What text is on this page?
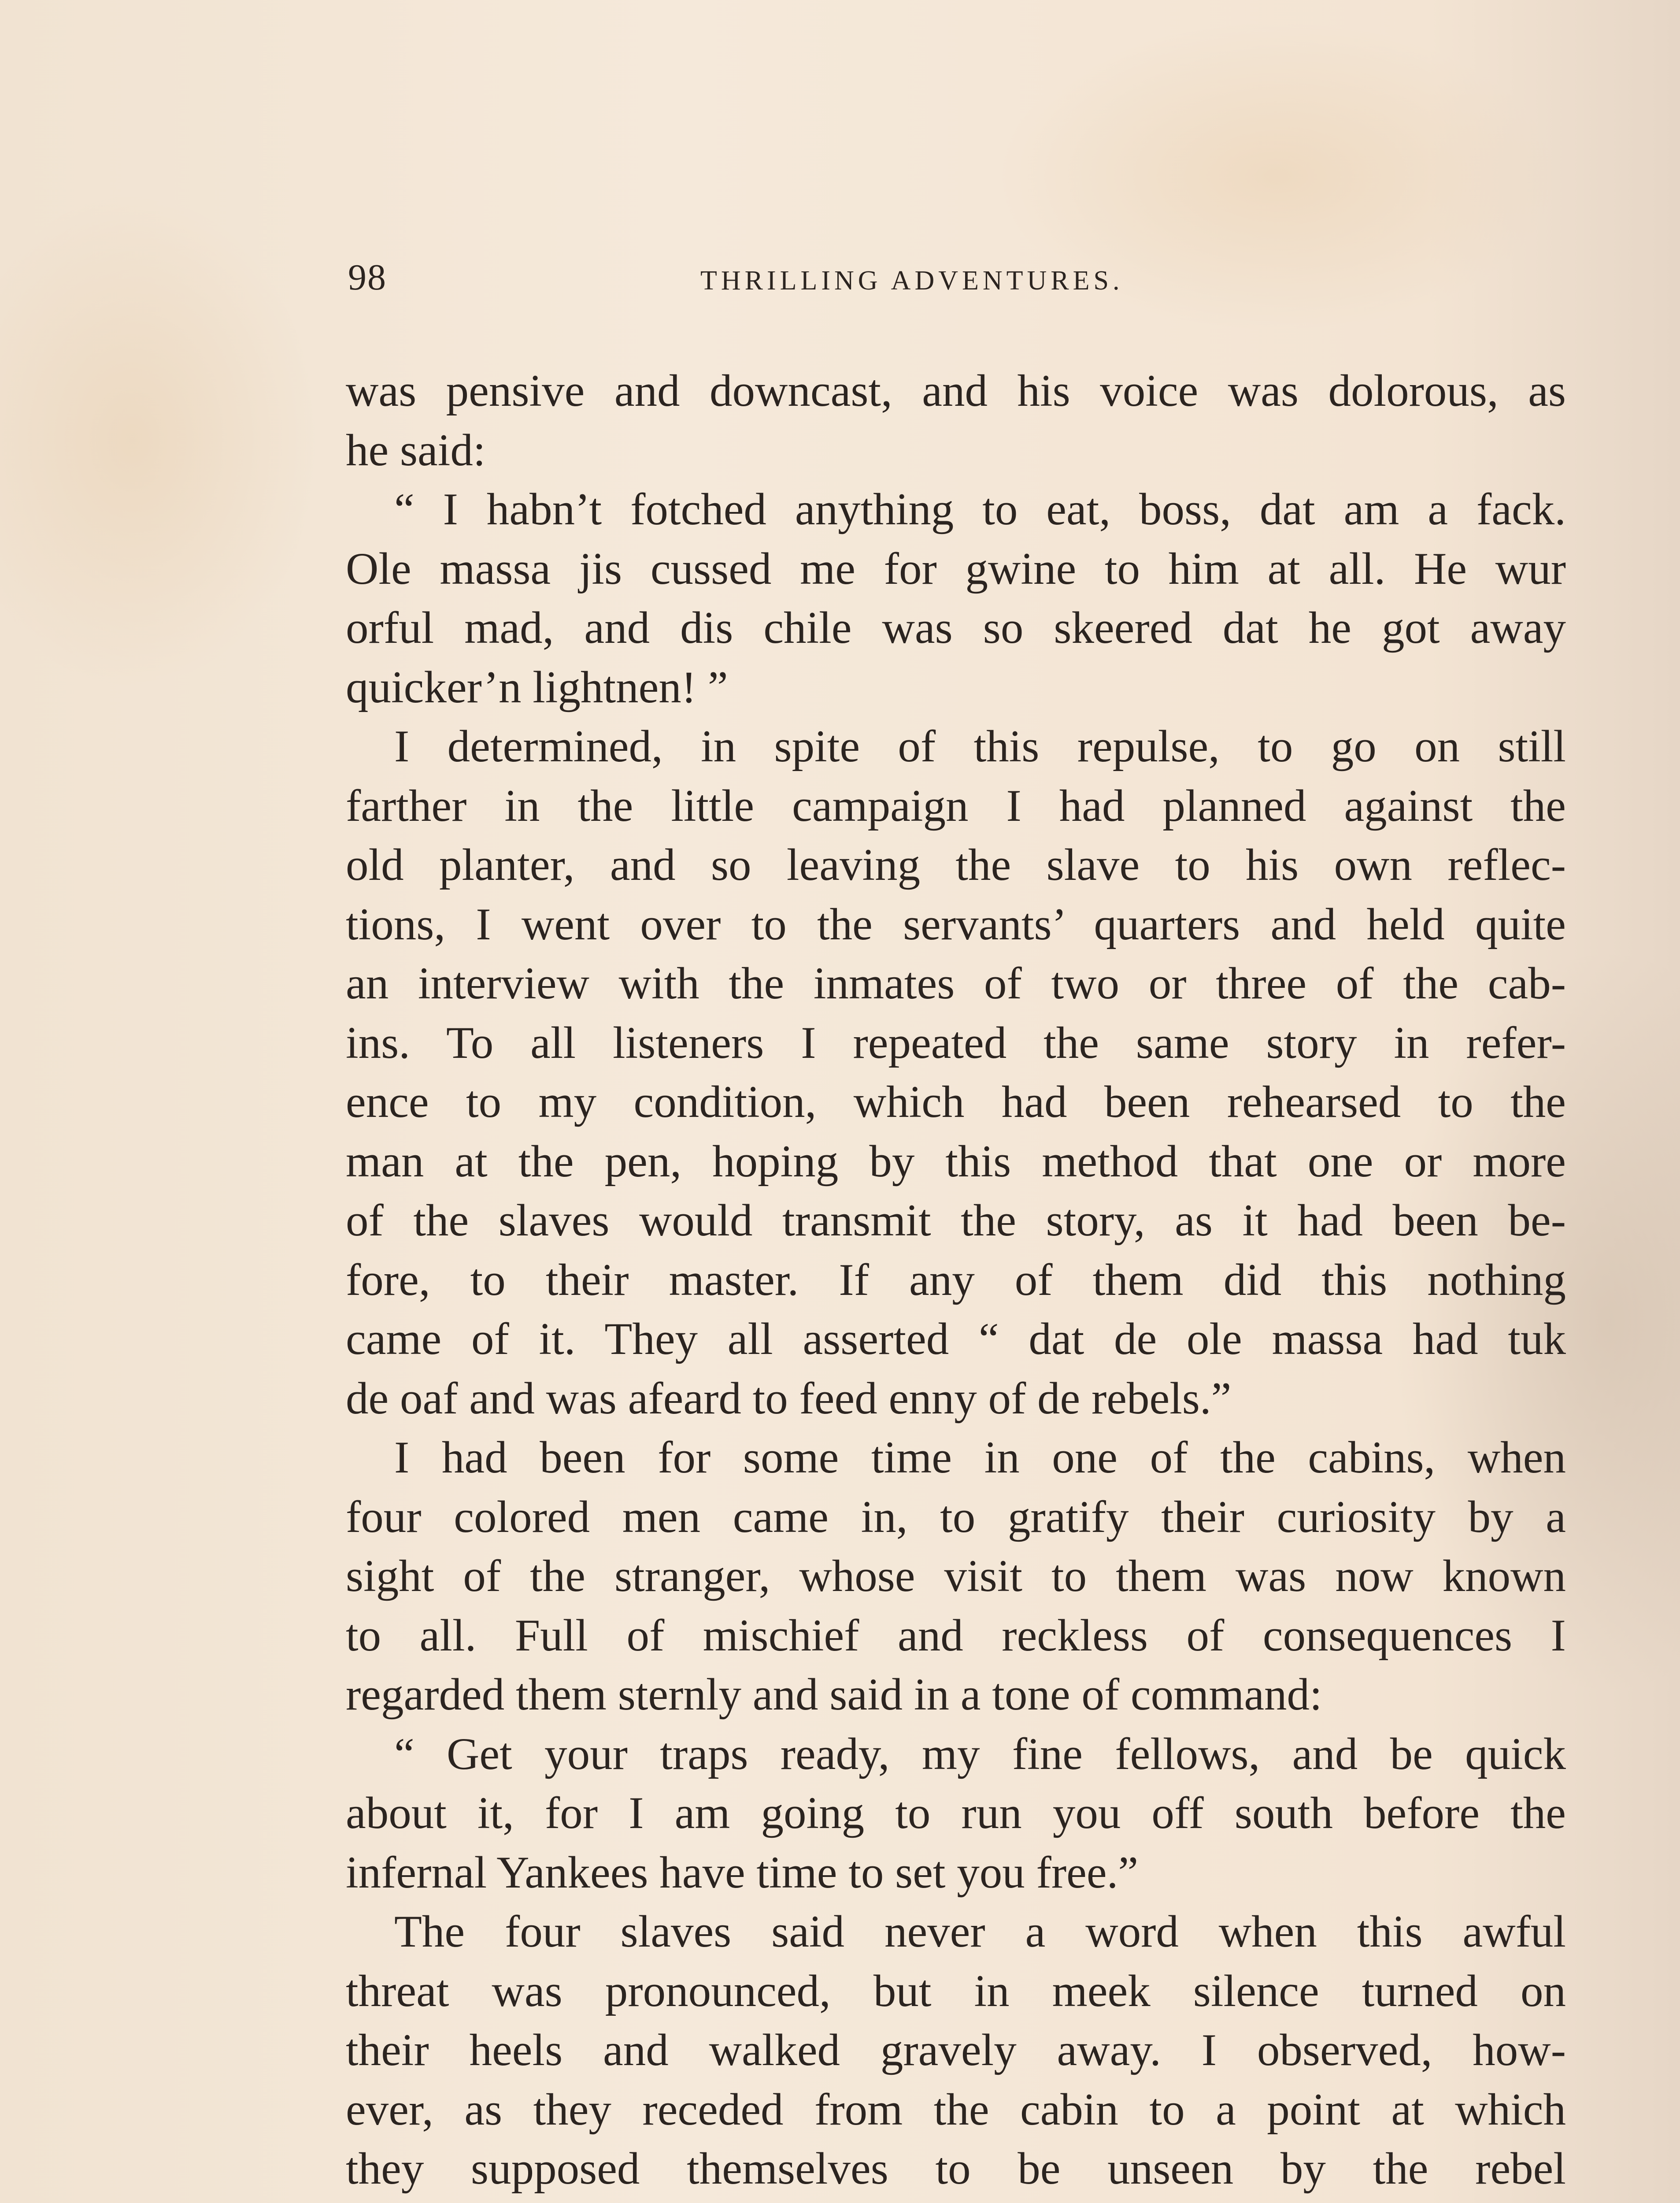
98	THRILLING ADVENTURES.
was pensive and downcast, and his voice was dolorous, as
he said:
“ I habn’t fotched anything to eat, boss, dat am a fack.
Ole massa jis cussed me for gwine to him at all. He wur
orful mad, and dis chile was so skeered dat he got away
quicker’n lightnen! ”
I determined, in spite of this repulse, to go on still
farther in the little campaign I had planned against the
old planter, and so leaving the slave to his own reflec-
tions, I went over to the servants’ quarters and held quite
an interview with the inmates of two or three of the cab-
ins. To all listeners I repeated the same story in refer-
ence to my condition, which had been rehearsed to the
man at the pen, hoping by this method that one or more
of the slaves would transmit the story, as it had been be-
fore, to their master. If any of them did this nothing
came of it. They all asserted “ dat de ole massa had tuk
de oaf and was afeard to feed enny of de rebels.”
I had been for some time in one of the cabins, when
four colored men came in, to gratify their curiosity by a
sight of the stranger, whose visit to them was now known
to all. Full of mischief and reckless of consequences I
regarded them sternly and said in a tone of command:
“ Get your traps ready, my fine fellows, and be quick
about it, for I am going to run you off south before the
infernal Yankees have time to set you free.”
The four slaves said never a word when this awful
threat was pronounced, but in meek silence turned on
their heels and walked gravely away. I observed, how-
ever, as they receded from the cabin to a point at which
they supposed themselves to be unseen by the rebel
